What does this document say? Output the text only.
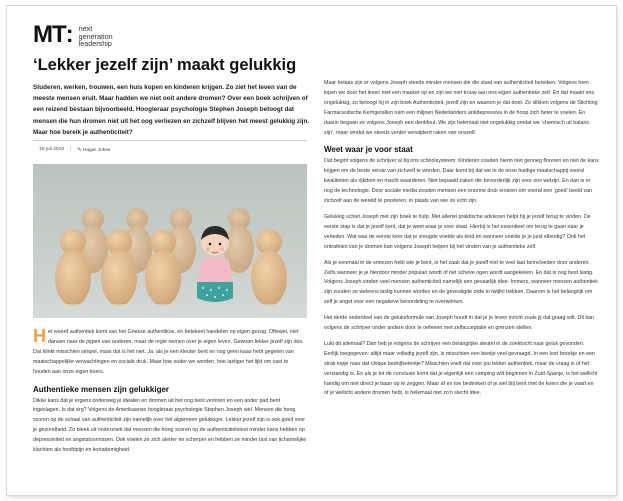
MT: next
generation
leadership
‘Lekker jezelf zijn’ maakt gelukkig

Studeren, werken, trouwen, een huis kopen en kinderen krijgen. Zo ziet het leven van de meeste mensen eruit. Maar hadden we niet ooit andere dromen? Over een boek schrijven of een reizend bestaan bijvoorbeeld. Hoogleraar psychologie Stephen Joseph betoogt dat mensen die hun dromen niet uit het oog verliezen en zichzelf blijven het meest gelukkig zijn. Maar hoe bereik je authenticiteit?

15 juli 2019 | ✎ Hagar Jobse

Het woord authentiek komt van het Griekse authentikos, en betekent handelen op eigen gezag. Oftewel, niet dansen naar de pijpen van anderen, maar de regie nemen over je eigen leven. Gewoon lekker jezelf zijn dus. Dat klinkt misschien simpel, maar dat is het niet. Ja, als je een kleuter bent en nog geen kaas hebt gegeten van maatschappelijke verwachtingen en sociale druk. Maar hoe ouder we worden, hoe lastiger het lijkt om vast te houden aan onze eigen koers.

Authentieke mensen zijn gelukkiger

Dikke kans dat je ergens onderweg je idealen en dromen uit het oog bent verloren en een ander pad bent ingeslagen. Is dat erg? Volgens de Amerikaanse hoogleraar psychologie Stephen Joseph wel. Mensen die hoog scoren op de schaal van authenticiteit zijn namelijk over het algemeen gelukkiger. Lekker jezelf zijn is ook goed voor je gezondheid. Zo bleek uit onderzoek dat mensen die hoog scoren op de authenticiteitstest minder kans hebben op depressiviteit en angststoornissen. Ook voelen ze zich alerter en scherper en hebben ze minder last van lichamelijke klachten als hoofdpijn en kortademigheid.

Maar helaas zijn er volgens Joseph steeds minder mensen die die staat van authenticiteit bereiken. Volgens hem lopen we door het leven met een masker op en zijn we niet trouw aan ons eigen authentieke zelf. En dat maakt ons ongelukkig, zo betoogt hij in zijn boek Authenticiteit, jezelf zijn en waarom je dat doet. Zo slikken volgens de Stichting Farmaceutische Kerngetallen ruim een miljoen Nederlanders antidepressiva in de hoop zich beter te voelen. En daarin begaan ze volgens Joseph een denkfout. We zijn helemaal niet ongelukkig omdat we ‘chemisch uit balans zijn’, maar omdat we steeds verder verwijderd raken van onszelf.

Weet waar je voor staat

Dat begint volgens de schrijver al bij ons schoolsysteem. Kinderen zouden hierin niet genoeg floreren en niet de kans krijgen om de beste versie van zichzelf te worden. Daar komt bij dat we in de onze huidige maatschappij vooral kwaliteiten als rijkdom en macht waarderen. Niet bepaald zaken die bevorderlijk zijn voor ons welzijn. En dan is er nog de technologie. Door sociale media zouden mensen een enorme druk ervaren om vooral een ‘goed’ beeld van zichzelf aan de wereld te presteren, in plaats van wie ze echt zijn.

Gelukkig schiet Joseph met zijn boek te hulp. Met allerlei praktische adviezen helpt hij je jezelf terug te vinden. De eerste stap is dat je jezelf kent, dat je weet waar je voor staat. Hierbij is het essentieel om terug te gaan naar je verleden. Wat was de eerste keer dat je vreugde voelde als kind en wanneer voelde je je juist ellendig? Ook het ontrafelen van je dromen kan volgens Joseph helpen bij het vinden van je authentieke zelf.

Als je eenmaal in de smiezen hebt wie je bent, is het zaak dat je jezelf niet te veel laat beïnvloeden door anderen. Zelfs wanneer je je hierdoor minder populair wordt of het scheve ogen wordt aangekeken. En dat is nog best lastig. Volgens Joseph vinden veel mensen authenticiteit namelijk een gevaarlijk idee. Immers, wanneer mensen authentiek zijn zouden ze weleens lastig kunnen worden en de gevestigde orde in twijfel trekken. Daarom is het belangrijk om zelf je angst voor een negatieve beoordeling te overwinnen.

Het derde onderdeel van de geluksformule van Joseph houdt in dat je je leven inricht zoals jij dat graag wilt. Dit kan volgens de schrijver onder andere door te oefenen met zelfacceptatie en grenzen stellen.

Lukt dit allemaal? Dan heb je volgens de schrijver een belangrijke sleutel in de zoektocht naar geluk gevonden. Eerlijk toegegeven: altijd maar volledig jezelf zijn, is misschien een beetje veel gevraagd. In een kort broekje en een strak topje naar dat chique bedrijfsetentje? Misschien voelt dat voor jou lekker authentiek, maar de vraag is of het verstandig is. En als je tot de conclusie komt dat je eigenlijk een camping wilt beginnen in Zuid-Spanje, is het wellicht handig om niet direct je baan op te zeggen. Maar af en toe bedenken of je wel blij bent met de koers die je vaart en of je wellicht andere dromen hebt, is helemaal niet zo'n slecht idee.
